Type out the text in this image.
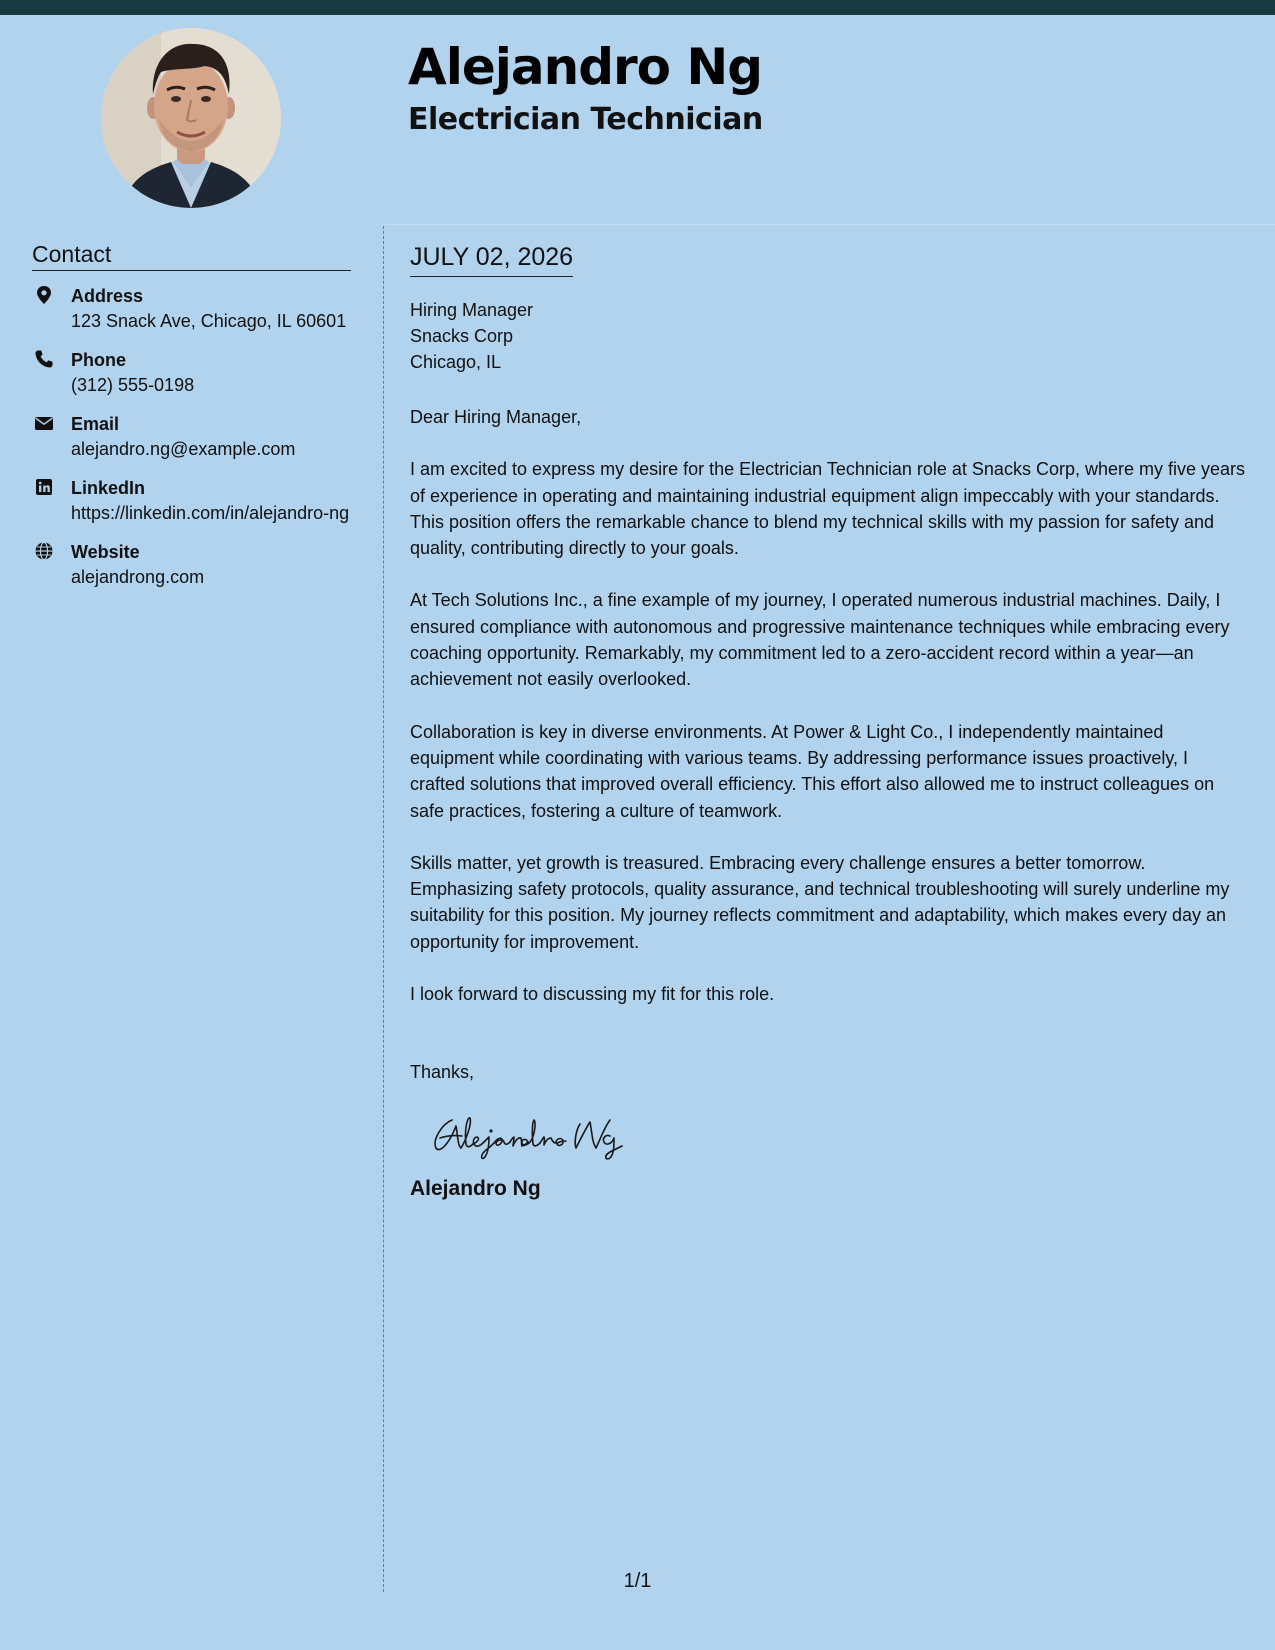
Alejandro Ng
Electrician Technician
Contact
Address
123 Snack Ave, Chicago, IL 60601
Phone
(312) 555-0198
Email
alejandro.ng@example.com
LinkedIn
https://linkedin.com/in/alejandro-ng
Website
alejandrong.com
JULY 02, 2026
Hiring Manager
Snacks Corp
Chicago, IL
Dear Hiring Manager,

I am excited to express my desire for the Electrician Technician role at Snacks Corp, where my five years of experience in operating and maintaining industrial equipment align impeccably with your standards. This position offers the remarkable chance to blend my technical skills with my passion for safety and quality, contributing directly to your goals.

At Tech Solutions Inc., a fine example of my journey, I operated numerous industrial machines. Daily, I ensured compliance with autonomous and progressive maintenance techniques while embracing every coaching opportunity. Remarkably, my commitment led to a zero-accident record within a year—an achievement not easily overlooked.

Collaboration is key in diverse environments. At Power & Light Co., I independently maintained equipment while coordinating with various teams. By addressing performance issues proactively, I crafted solutions that improved overall efficiency. This effort also allowed me to instruct colleagues on safe practices, fostering a culture of teamwork.

Skills matter, yet growth is treasured. Embracing every challenge ensures a better tomorrow. Emphasizing safety protocols, quality assurance, and technical troubleshooting will surely underline my suitability for this position. My journey reflects commitment and adaptability, which makes every day an opportunity for improvement.

I look forward to discussing my fit for this role.

Thanks,
Alejandro Ng
1/1
